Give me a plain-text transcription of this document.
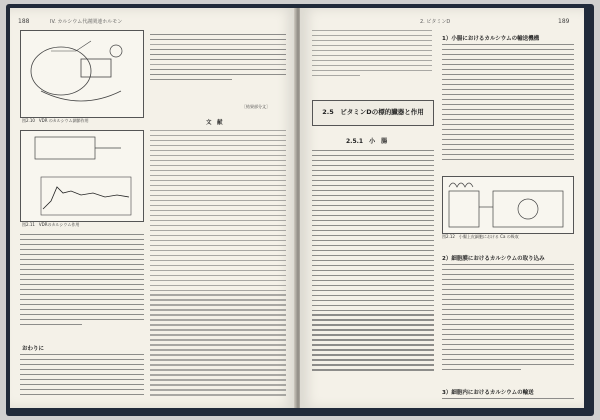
188	IV. カルシウム代謝関連ホルモン
図2.10　VDR のカルシウム調節作用
図2.11　VDRのカルシウム作用
［結果部分文］
文　献
おわりに
2. ビタミンD	189
2.5　ビタミンDの標的臓器と作用
2.5.1　小　腸
1）小腸におけるカルシウムの輸送機構
図2.12　小腸上皮細胞における Ca の吸収
2）細胞膜におけるカルシウムの取り込み
3）細胞内におけるカルシウムの輸送
